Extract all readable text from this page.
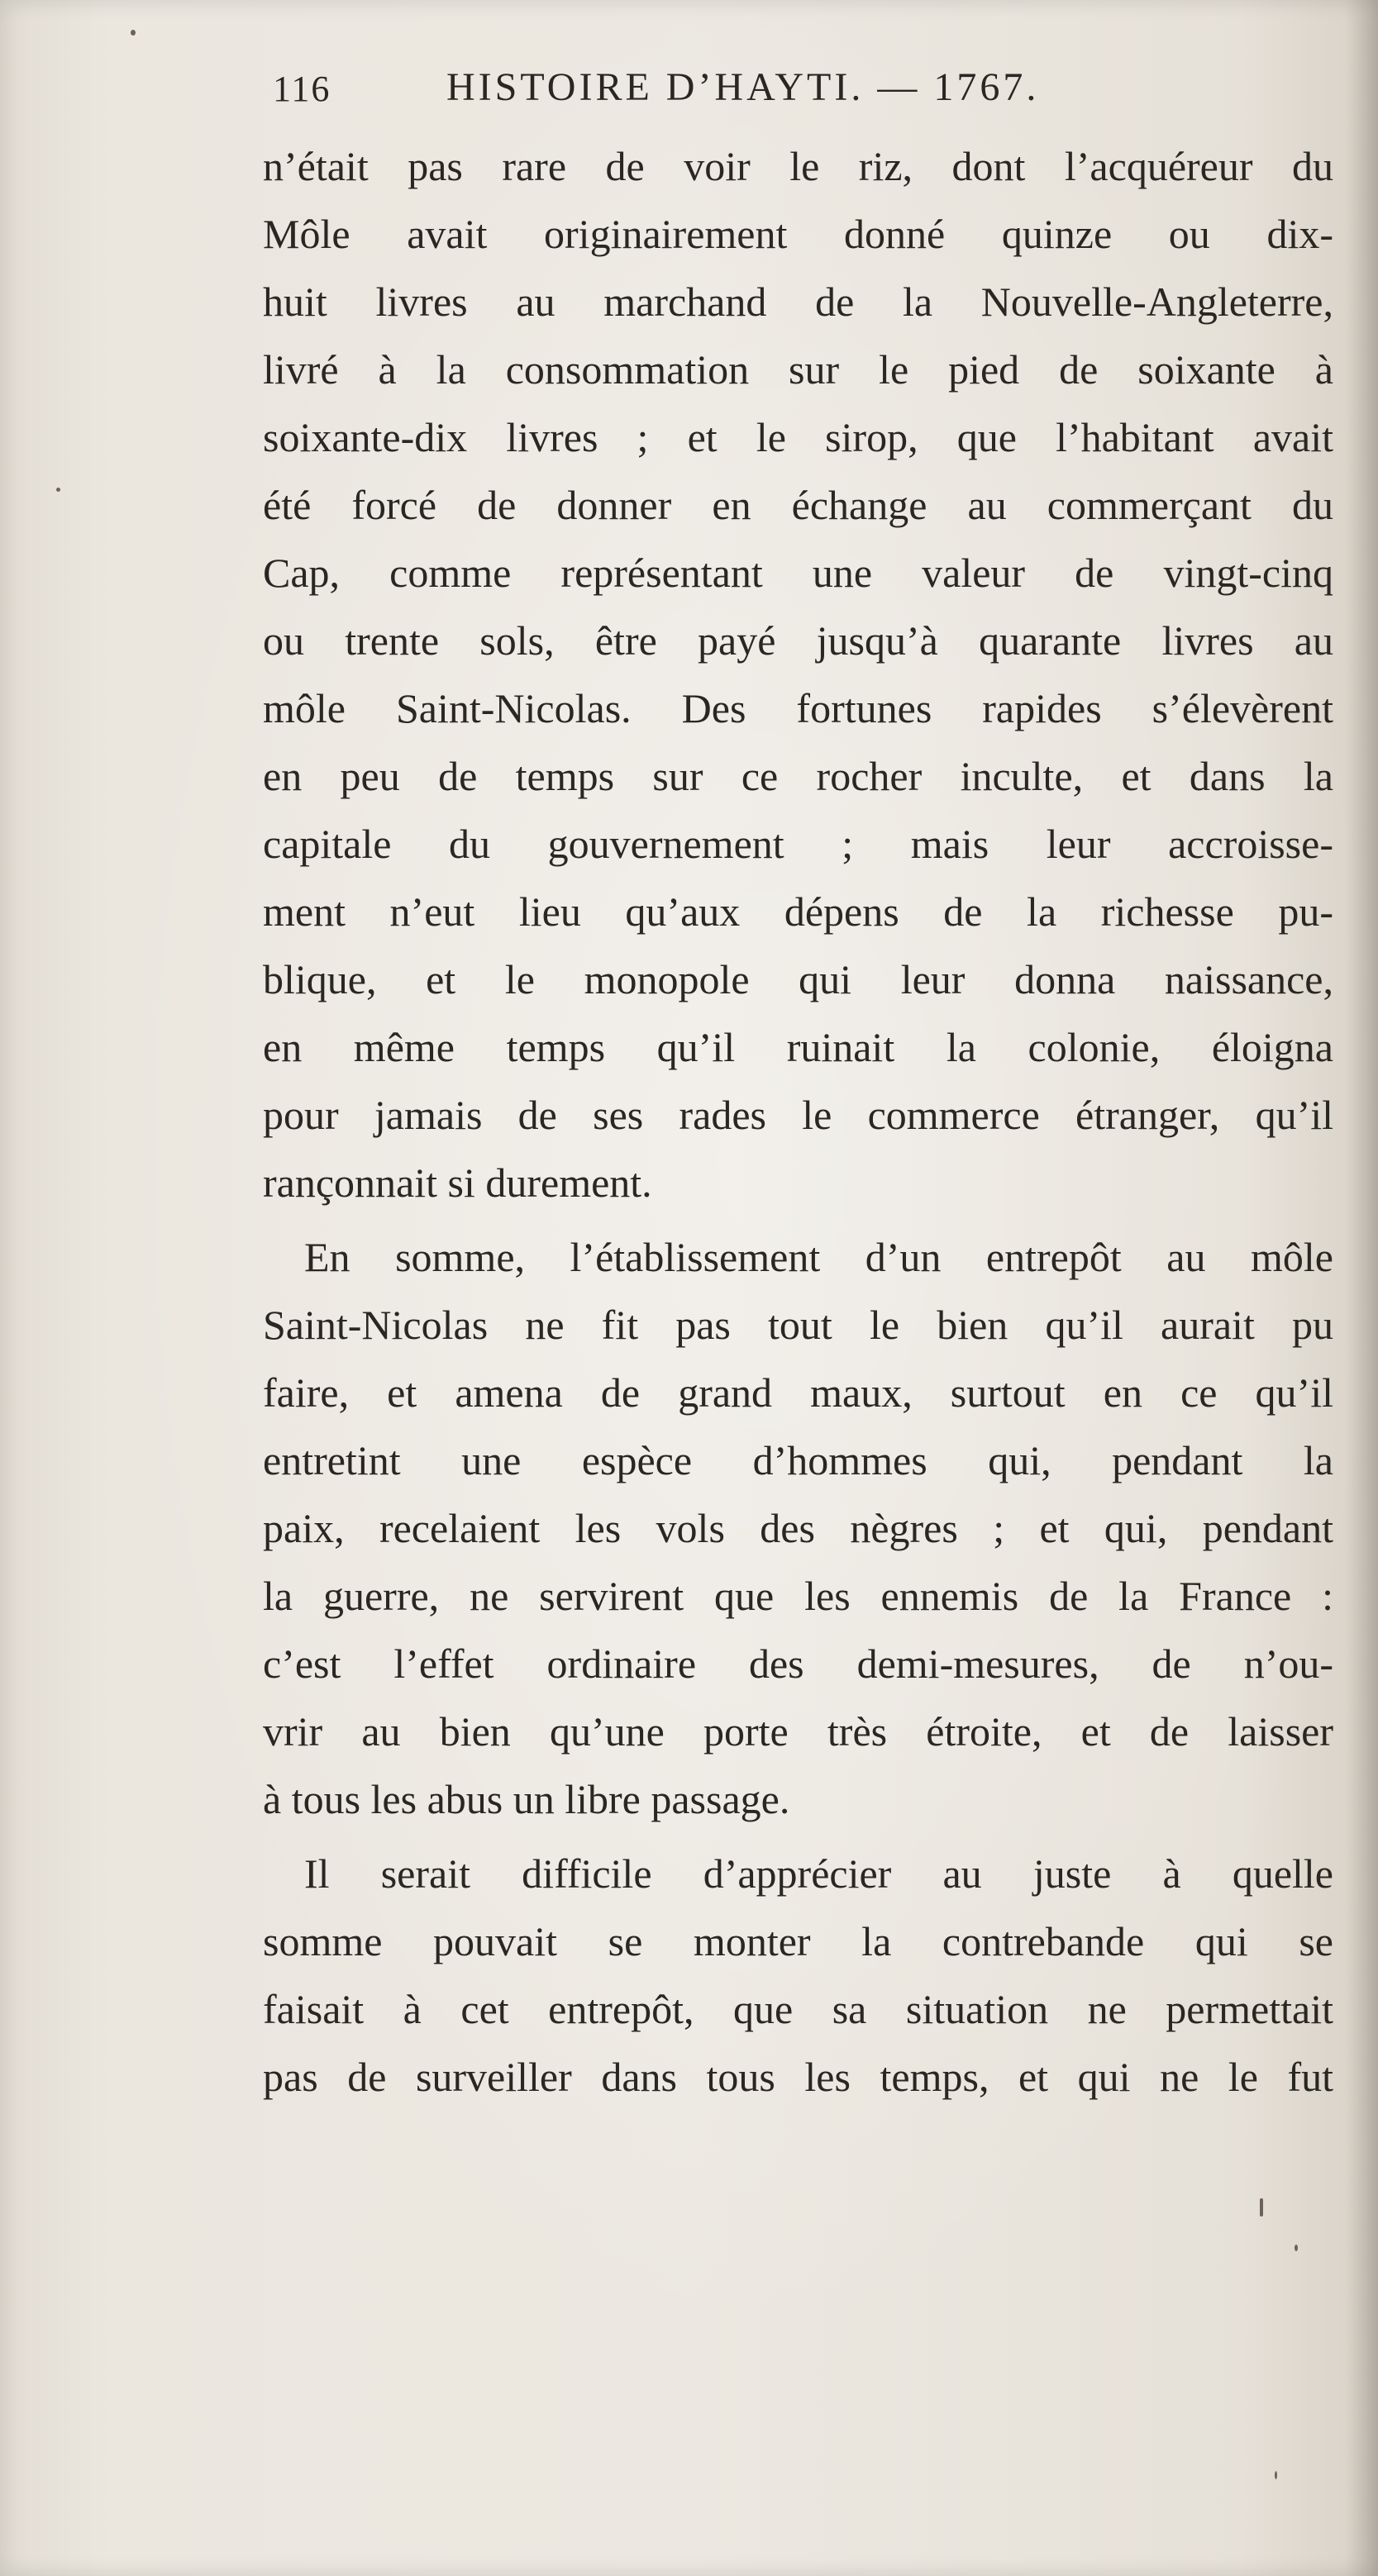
116	HISTOIRE D’HAYTI. — 1767.
n’était pas rare de voir le riz, dont l’acquéreur du
Môle avait originairement donné quinze ou dix-
huit livres au marchand de la Nouvelle-Angleterre,
livré à la consommation sur le pied de soixante à
soixante-dix livres ; et le sirop, que l’habitant avait
été forcé de donner en échange au commerçant du
Cap, comme représentant une valeur de vingt-cinq
ou trente sols, être payé jusqu’à quarante livres au
môle Saint-Nicolas. Des fortunes rapides s’élevèrent
en peu de temps sur ce rocher inculte, et dans la
capitale du gouvernement ; mais leur accroisse-
ment n’eut lieu qu’aux dépens de la richesse pu-
blique, et le monopole qui leur donna naissance,
en même temps qu’il ruinait la colonie, éloigna
pour jamais de ses rades le commerce étranger, qu’il
rançonnait si durement.
En somme, l’établissement d’un entrepôt au môle
Saint-Nicolas ne fit pas tout le bien qu’il aurait pu
faire, et amena de grand maux, surtout en ce qu’il
entretint une espèce d’hommes qui, pendant la
paix, recelaient les vols des nègres ; et qui, pendant
la guerre, ne servirent que les ennemis de la France :
c’est l’effet ordinaire des demi-mesures, de n’ou-
vrir au bien qu’une porte très étroite, et de laisser
à tous les abus un libre passage.
Il serait difficile d’apprécier au juste à quelle
somme pouvait se monter la contrebande qui se
faisait à cet entrepôt, que sa situation ne permettait
pas de surveiller dans tous les temps, et qui ne le fut
